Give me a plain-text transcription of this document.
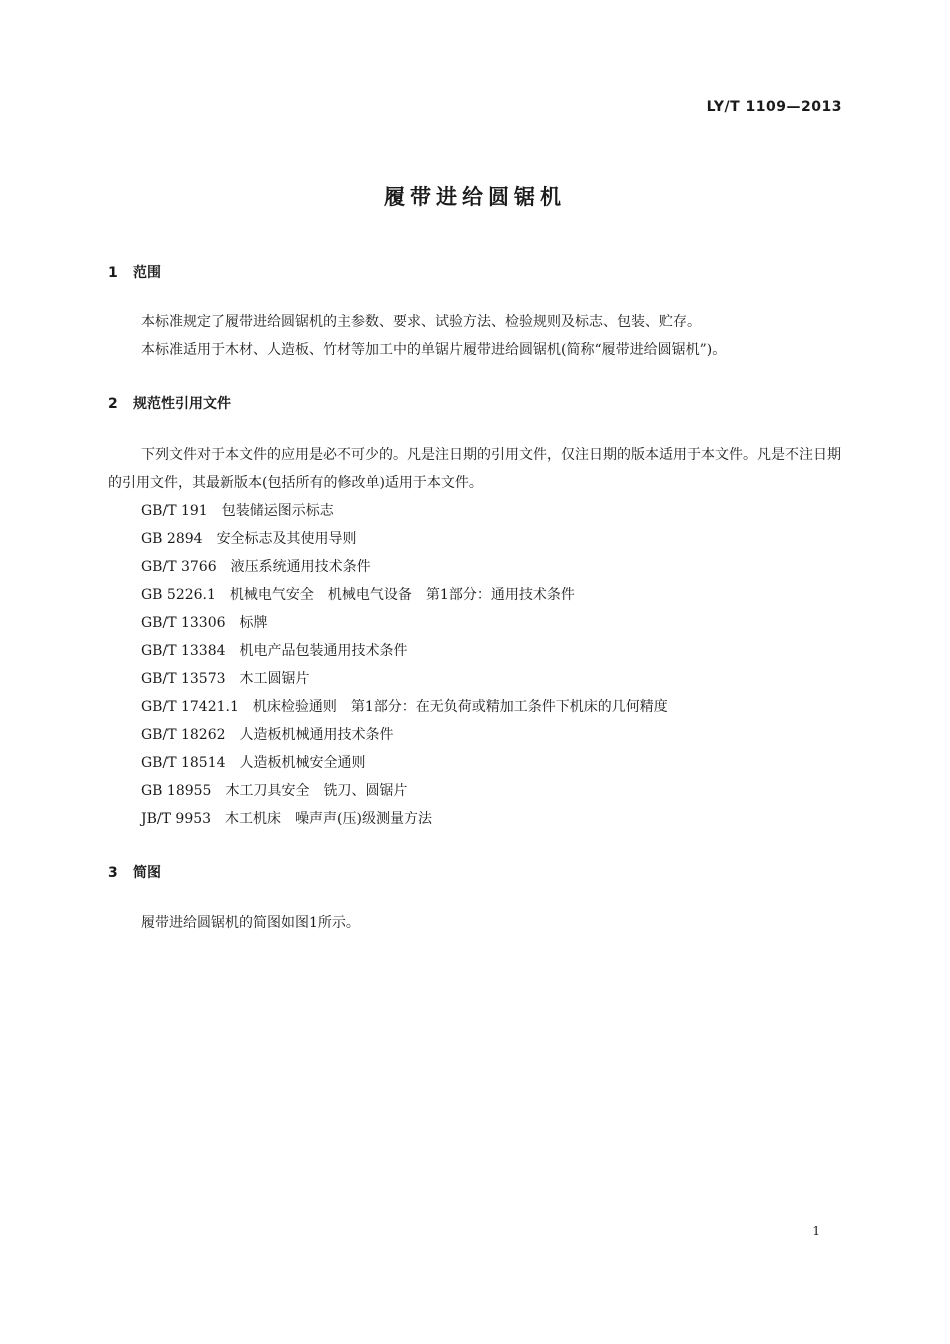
LY/T 1109—2013
履带进给圆锯机
1 范围
本标准规定了履带进给圆锯机的主参数、要求、试验方法、检验规则及标志、包装、贮存。
本标准适用于木材、人造板、竹材等加工中的单锯片履带进给圆锯机(简称“履带进给圆锯机”)。
2 规范性引用文件
下列文件对于本文件的应用是必不可少的。凡是注日期的引用文件，仅注日期的版本适用于本文件。凡是不注日期的引用文件，其最新版本(包括所有的修改单)适用于本文件。
GB/T 191 包装储运图示标志
GB 2894 安全标志及其使用导则
GB/T 3766 液压系统通用技术条件
GB 5226.1 机械电气安全　机械电气设备　第1部分：通用技术条件
GB/T 13306 标牌
GB/T 13384 机电产品包装通用技术条件
GB/T 13573 木工圆锯片
GB/T 17421.1 机床检验通则　第1部分：在无负荷或精加工条件下机床的几何精度
GB/T 18262 人造板机械通用技术条件
GB/T 18514 人造板机械安全通则
GB 18955 木工刀具安全　铣刀、圆锯片
JB/T 9953 木工机床　噪声声(压)级测量方法
3 简图
履带进给圆锯机的简图如图1所示。
1
